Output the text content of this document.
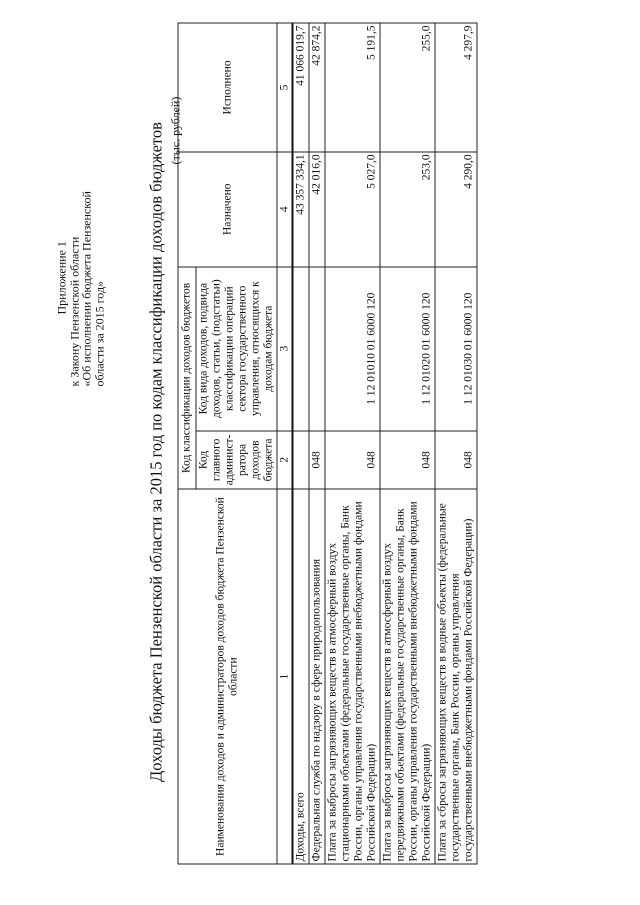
Приложение 1
к Закону Пензенской области
«Об исполнении бюджета Пензенской
области за 2015 год» Доходы бюджета Пензенской области за 2015 год по кодам классификации доходов бюджетов (тыс. рублей)
Наименования доходов и администраторов доходов бюджета Пензенской области	Код классификации доходов бюджетов		Назначено	Исполнено
	Код главного админист-ратора доходов бюджета	Код вида доходов, подвида доходов, статьи, (подстатьи) классификации операций сектора государственного управления, относящихся к доходам бюджета		
1	2	3	4	5
Доходы, всего			43 357 334,1	41 066 019,7
Федеральная служба по надзору в сфере природопользования	048		42 016,0	42 874,2
Плата за выбросы загрязняющих веществ в атмосферный воздух стационарными объектами (федеральные государственные органы, Банк России, органы управления государственными внебюджетными фондами Российской Федерации)	048	1 12 01010 01 6000 120	5 027,0	5 191,5
Плата за выбросы загрязняющих веществ в атмосферный воздух передвижными объектами (федеральные государственные органы, Банк России, органы управления государственными внебюджетными фондами Российской Федерации)	048	1 12 01020 01 6000 120	253,0	255,0
Плата за сбросы загрязняющих веществ в водные объекты (федеральные государственные органы, Банк России, органы управления государственными внебюджетными фондами Российской Федерации)	048	1 12 01030 01 6000 120	4 290,0	4 297,9
